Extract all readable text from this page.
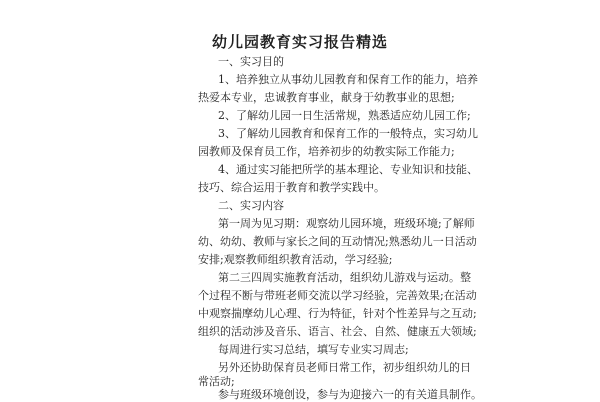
幼儿园教育实习报告精选
一、实习目的
1、培养独立从事幼儿园教育和保育工作的能力，培养
热爱本专业，忠诚教育事业，献身于幼教事业的思想;
2、了解幼儿园一日生活常规，熟悉适应幼儿园工作;
3、了解幼儿园教育和保育工作的一般特点，实习幼儿
园教师及保育员工作，培养初步的幼教实际工作能力;
4、通过实习能把所学的基本理论、专业知识和技能、
技巧、综合运用于教育和教学实践中。
二、实习内容
第一周为见习期：观察幼儿园环境，班级环境;了解师
幼、幼幼、教师与家长之间的互动情况;熟悉幼儿一日活动
安排;观察教师组织教育活动，学习经验;
第二三四周实施教育活动，组织幼儿游戏与运动。整
个过程不断与带班老师交流以学习经验，完善效果;在活动
中观察揣摩幼儿心理、行为特征，针对个性差异与之互动;
组织的活动涉及音乐、语言、社会、自然、健康五大领域;
每周进行实习总结，填写专业实习周志;
另外还协助保育员老师日常工作，初步组织幼儿的日
常活动;
参与班级环境创设，参与为迎接六一的有关道具制作。
